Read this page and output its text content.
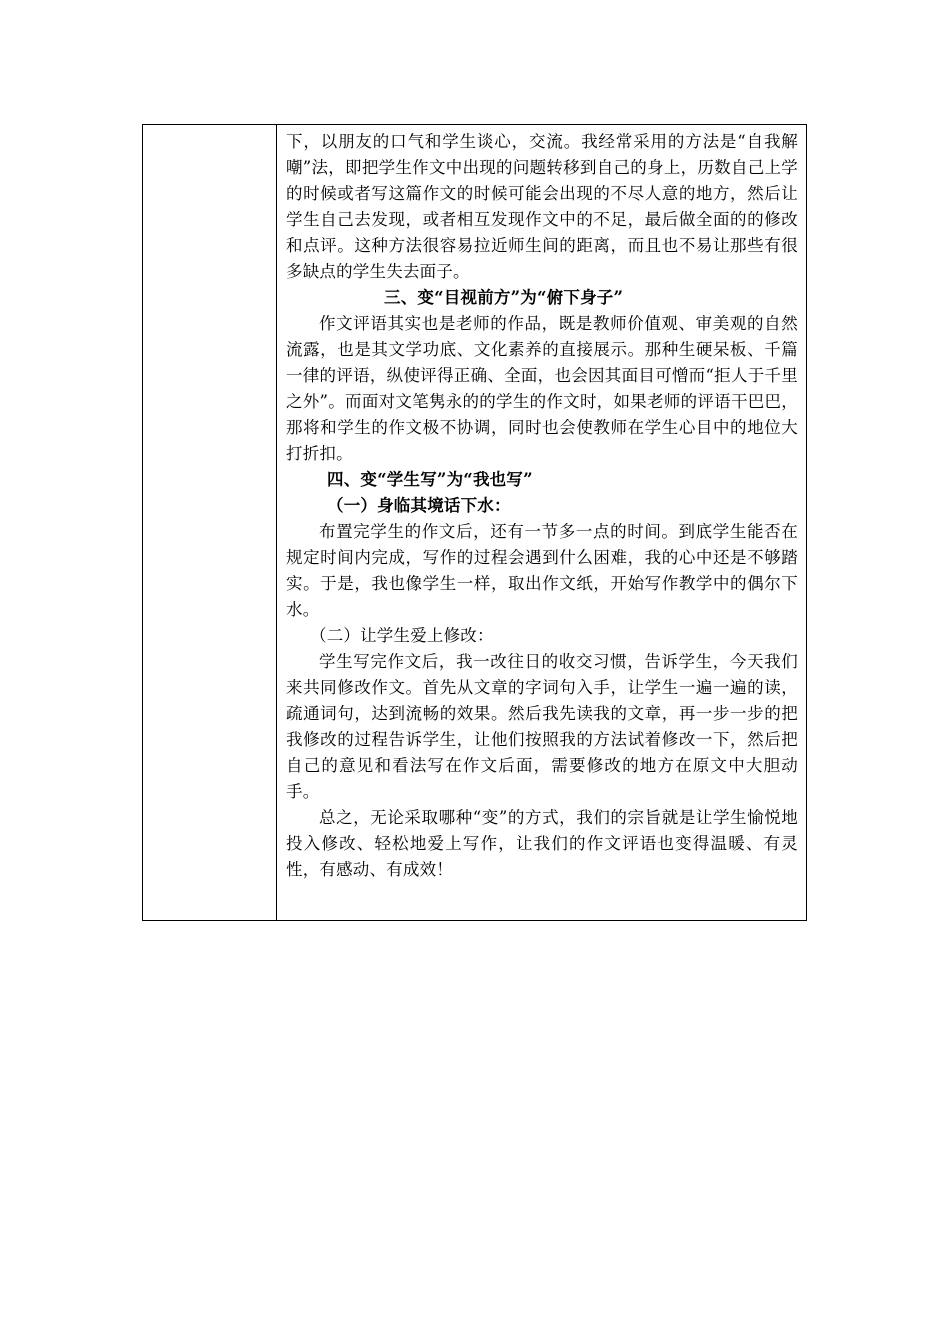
下，以朋友的口气和学生谈心，交流。我经常采用的方法是“自我解嘲”法，即把学生作文中出现的问题转移到自己的身上，历数自己上学的时候或者写这篇作文的时候可能会出现的不尽人意的地方，然后让学生自己去发现，或者相互发现作文中的不足，最后做全面的的修改和点评。这种方法很容易拉近师生间的距离，而且也不易让那些有很多缺点的学生失去面子。

三、变“目视前方”为“俯下身子”

作文评语其实也是老师的作品，既是教师价值观、审美观的自然流露，也是其文学功底、文化素养的直接展示。那种生硬呆板、千篇一律的评语，纵使评得正确、全面，也会因其面目可憎而“拒人于千里之外”。而面对文笔隽永的的学生的作文时，如果老师的评语干巴巴，那将和学生的作文极不协调，同时也会使教师在学生心目中的地位大打折扣。

四、变“学生写”为“我也写”

（一）身临其境话下水：

布置完学生的作文后，还有一节多一点的时间。到底学生能否在规定时间内完成，写作的过程会遇到什么困难，我的心中还是不够踏实。于是，我也像学生一样，取出作文纸，开始写作教学中的偶尔下水。

（二）让学生爱上修改：

学生写完作文后，我一改往日的收交习惯，告诉学生，今天我们来共同修改作文。首先从文章的字词句入手，让学生一遍一遍的读，疏通词句，达到流畅的效果。然后我先读我的文章，再一步一步的把我修改的过程告诉学生，让他们按照我的方法试着修改一下，然后把自己的意见和看法写在作文后面，需要修改的地方在原文中大胆动手。

总之，无论采取哪种“变”的方式，我们的宗旨就是让学生愉悦地投入修改、轻松地爱上写作，让我们的作文评语也变得温暖、有灵性，有感动、有成效！
